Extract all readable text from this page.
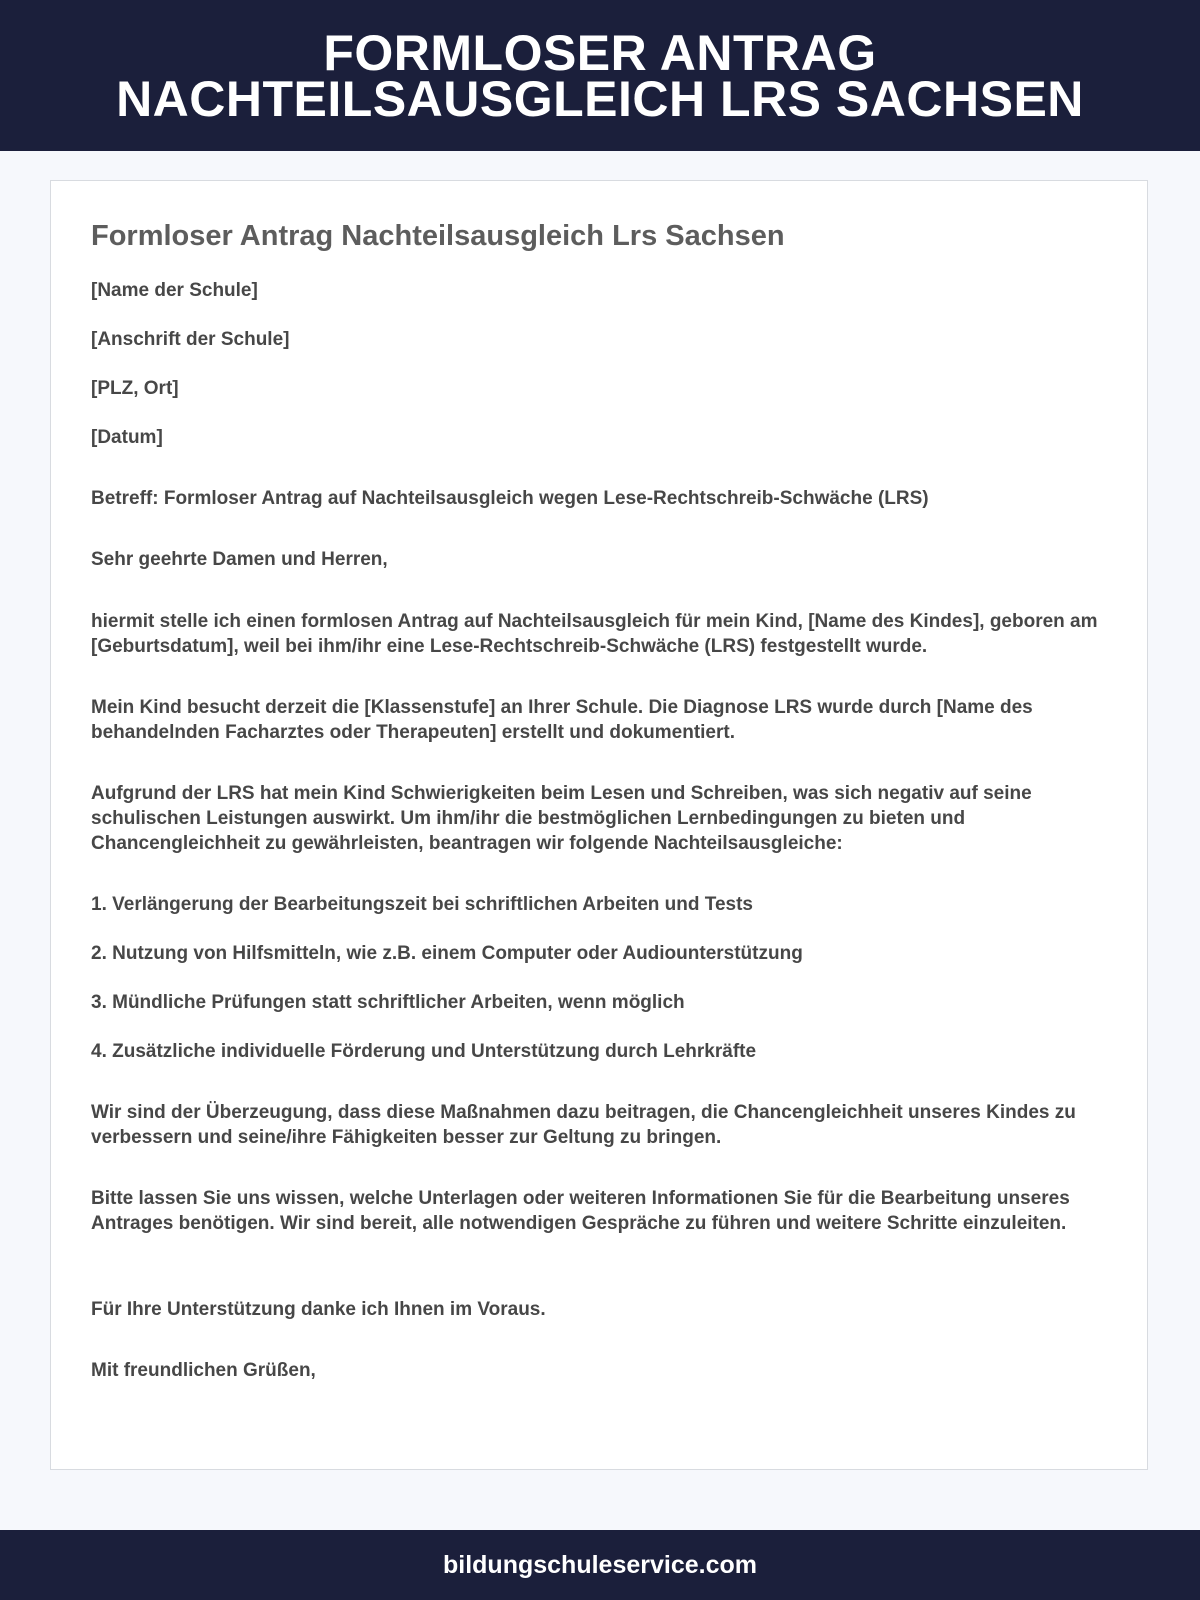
FORMLOSER ANTRAG
NACHTEILSAUSGLEICH LRS SACHSEN
Formloser Antrag Nachteilsausgleich Lrs Sachsen
[Name der Schule]
[Anschrift der Schule]
[PLZ, Ort]
[Datum]
Betreff: Formloser Antrag auf Nachteilsausgleich wegen Lese-Rechtschreib-Schwäche (LRS)
Sehr geehrte Damen und Herren,
hiermit stelle ich einen formlosen Antrag auf Nachteilsausgleich für mein Kind, [Name des Kindes], geboren am [Geburtsdatum], weil bei ihm/ihr eine Lese-Rechtschreib-Schwäche (LRS) festgestellt wurde.
Mein Kind besucht derzeit die [Klassenstufe] an Ihrer Schule. Die Diagnose LRS wurde durch [Name des behandelnden Facharztes oder Therapeuten] erstellt und dokumentiert.
Aufgrund der LRS hat mein Kind Schwierigkeiten beim Lesen und Schreiben, was sich negativ auf seine schulischen Leistungen auswirkt. Um ihm/ihr die bestmöglichen Lernbedingungen zu bieten und Chancengleichheit zu gewährleisten, beantragen wir folgende Nachteilsausgleiche:
1. Verlängerung der Bearbeitungszeit bei schriftlichen Arbeiten und Tests
2. Nutzung von Hilfsmitteln, wie z.B. einem Computer oder Audiounterstützung
3. Mündliche Prüfungen statt schriftlicher Arbeiten, wenn möglich
4. Zusätzliche individuelle Förderung und Unterstützung durch Lehrkräfte
Wir sind der Überzeugung, dass diese Maßnahmen dazu beitragen, die Chancengleichheit unseres Kindes zu verbessern und seine/ihre Fähigkeiten besser zur Geltung zu bringen.
Bitte lassen Sie uns wissen, welche Unterlagen oder weiteren Informationen Sie für die Bearbeitung unseres Antrages benötigen. Wir sind bereit, alle notwendigen Gespräche zu führen und weitere Schritte einzuleiten.
Für Ihre Unterstützung danke ich Ihnen im Voraus.
Mit freundlichen Grüßen,
bildungschuleservice.com
